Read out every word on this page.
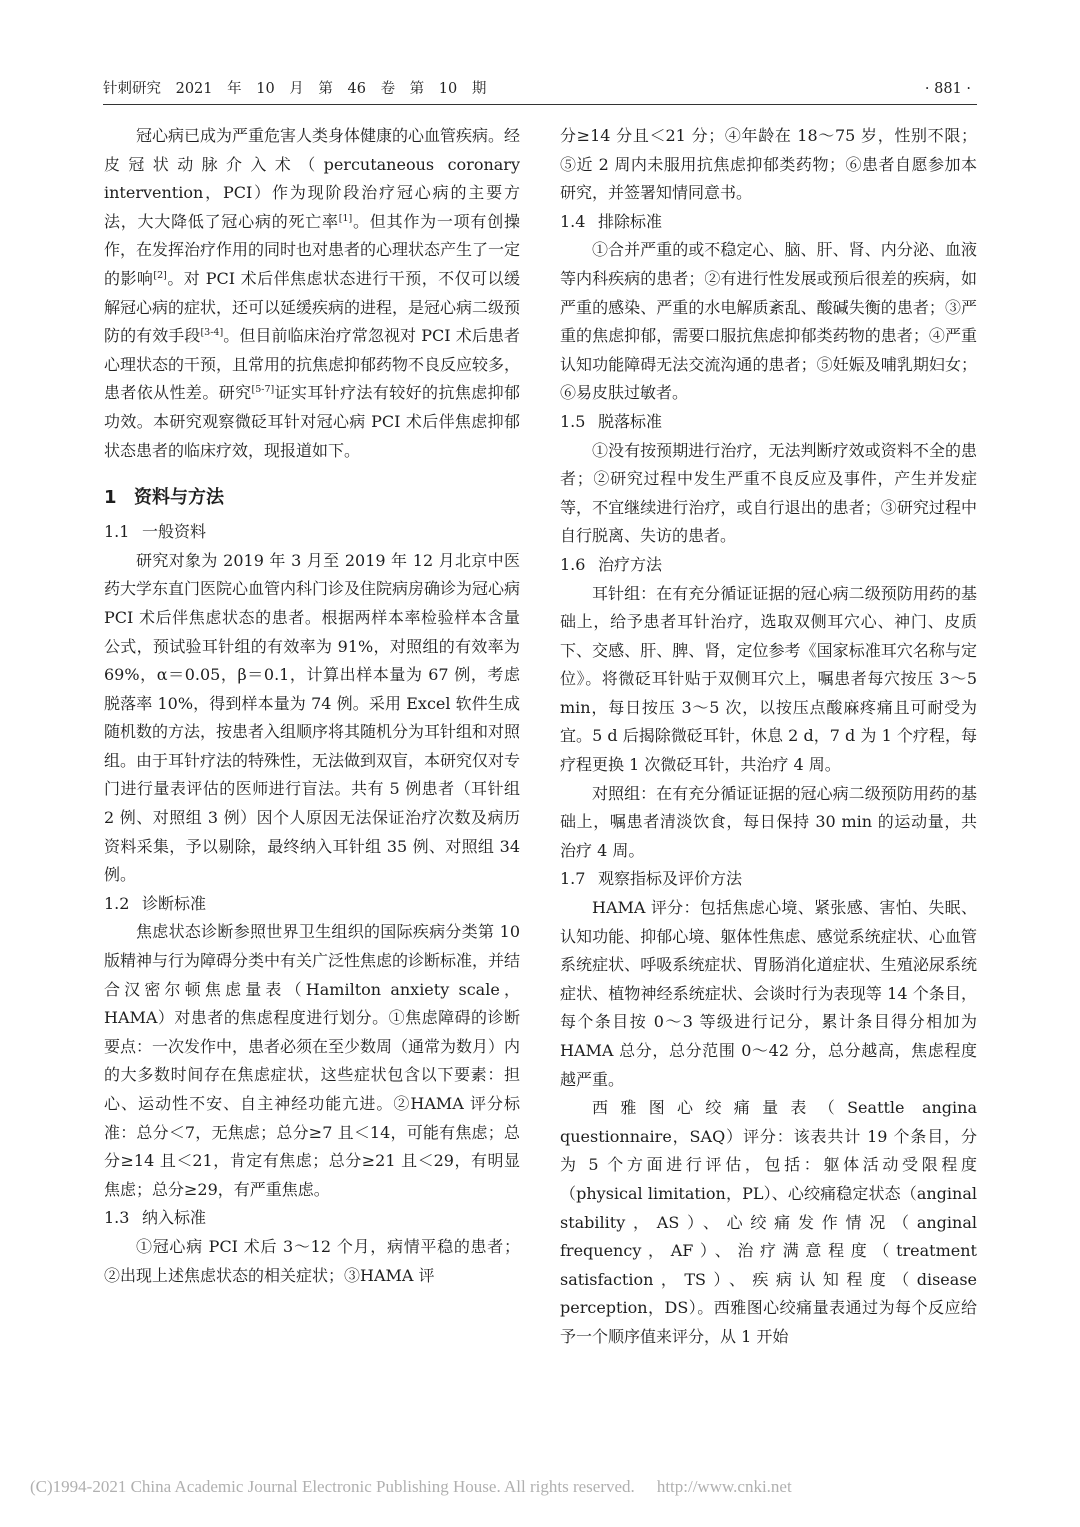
针刺研究 2021 年 10 月 第 46 卷 第 10 期	· 881 ·

冠心病已成为严重危害人类身体健康的心血管疾病。经皮冠状动脉介入术（percutaneous coronary intervention，PCI）作为现阶段治疗冠心病的主要方法，大大降低了冠心病的死亡率[1]。但其作为一项有创操作，在发挥治疗作用的同时也对患者的心理状态产生了一定的影响[2]。对 PCI 术后伴焦虑状态进行干预，不仅可以缓解冠心病的症状，还可以延缓疾病的进程，是冠心病二级预防的有效手段[3-4]。但目前临床治疗常忽视对 PCI 术后患者心理状态的干预，且常用的抗焦虑抑郁药物不良反应较多，患者依从性差。研究[5-7]证实耳针疗法有较好的抗焦虑抑郁功效。本研究观察微砭耳针对冠心病 PCI 术后伴焦虑抑郁状态患者的临床疗效，现报道如下。

1 资料与方法

1.1 一般资料

研究对象为 2019 年 3 月至 2019 年 12 月北京中医药大学东直门医院心血管内科门诊及住院病房确诊为冠心病 PCI 术后伴焦虑状态的患者。根据两样本率检验样本含量公式，预试验耳针组的有效率为 91%，对照组的有效率为 69%，α＝0.05，β＝0.1，计算出样本量为 67 例，考虑脱落率 10%，得到样本量为 74 例。采用 Excel 软件生成随机数的方法，按患者入组顺序将其随机分为耳针组和对照组。由于耳针疗法的特殊性，无法做到双盲，本研究仅对专门进行量表评估的医师进行盲法。共有 5 例患者（耳针组 2 例、对照组 3 例）因个人原因无法保证治疗次数及病历资料采集，予以剔除，最终纳入耳针组 35 例、对照组 34 例。

1.2 诊断标准

焦虑状态诊断参照世界卫生组织的国际疾病分类第 10 版精神与行为障碍分类中有关广泛性焦虑的诊断标准，并结合汉密尔顿焦虑量表（Hamilton anxiety scale，HAMA）对患者的焦虑程度进行划分。①焦虑障碍的诊断要点：一次发作中，患者必须在至少数周（通常为数月）内的大多数时间存在焦虑症状，这些症状包含以下要素：担心、运动性不安、自主神经功能亢进。②HAMA 评分标准：总分＜7，无焦虑；总分≥7 且＜14，可能有焦虑；总分≥14 且＜21，肯定有焦虑；总分≥21 且＜29，有明显焦虑；总分≥29，有严重焦虑。

1.3 纳入标准

①冠心病 PCI 术后 3～12 个月，病情平稳的患者；②出现上述焦虑状态的相关症状；③HAMA 评

分≥14 分且＜21 分；④年龄在 18～75 岁，性别不限；⑤近 2 周内未服用抗焦虑抑郁类药物；⑥患者自愿参加本研究，并签署知情同意书。

1.4 排除标准

①合并严重的或不稳定心、脑、肝、肾、内分泌、血液等内科疾病的患者；②有进行性发展或预后很差的疾病，如严重的感染、严重的水电解质紊乱、酸碱失衡的患者；③严重的焦虑抑郁，需要口服抗焦虑抑郁类药物的患者；④严重认知功能障碍无法交流沟通的患者；⑤妊娠及哺乳期妇女；⑥易皮肤过敏者。

1.5 脱落标准

①没有按预期进行治疗，无法判断疗效或资料不全的患者；②研究过程中发生严重不良反应及事件，产生并发症等，不宜继续进行治疗，或自行退出的患者；③研究过程中自行脱离、失访的患者。

1.6 治疗方法

耳针组：在有充分循证证据的冠心病二级预防用药的基础上，给予患者耳针治疗，选取双侧耳穴心、神门、皮质下、交感、肝、脾、肾，定位参考《国家标准耳穴名称与定位》。将微砭耳针贴于双侧耳穴上，嘱患者每穴按压 3～5 min，每日按压 3～5 次，以按压点酸麻疼痛且可耐受为宜。5 d 后揭除微砭耳针，休息 2 d，7 d 为 1 个疗程，每疗程更换 1 次微砭耳针，共治疗 4 周。

对照组：在有充分循证证据的冠心病二级预防用药的基础上，嘱患者清淡饮食，每日保持 30 min 的运动量，共治疗 4 周。

1.7 观察指标及评价方法

HAMA 评分：包括焦虑心境、紧张感、害怕、失眠、认知功能、抑郁心境、躯体性焦虑、感觉系统症状、心血管系统症状、呼吸系统症状、胃肠消化道症状、生殖泌尿系统症状、植物神经系统症状、会谈时行为表现等 14 个条目，每个条目按 0～3 等级进行记分，累计条目得分相加为 HAMA 总分，总分范围 0～42 分，总分越高，焦虑程度越严重。

西雅图心绞痛量表（Seattle angina questionnaire，SAQ）评分：该表共计 19 个条目，分为 5 个方面进行评估，包括：躯体活动受限程度（physical limitation，PL）、心绞痛稳定状态（anginal stability，AS）、心绞痛发作情况（anginal frequency，AF）、治疗满意程度（treatment satisfaction，TS）、疾病认知程度（disease perception，DS）。西雅图心绞痛量表通过为每个反应给予一个顺序值来评分，从 1 开始

(C)1994-2021 China Academic Journal Electronic Publishing House. All rights reserved. http://www.cnki.net
